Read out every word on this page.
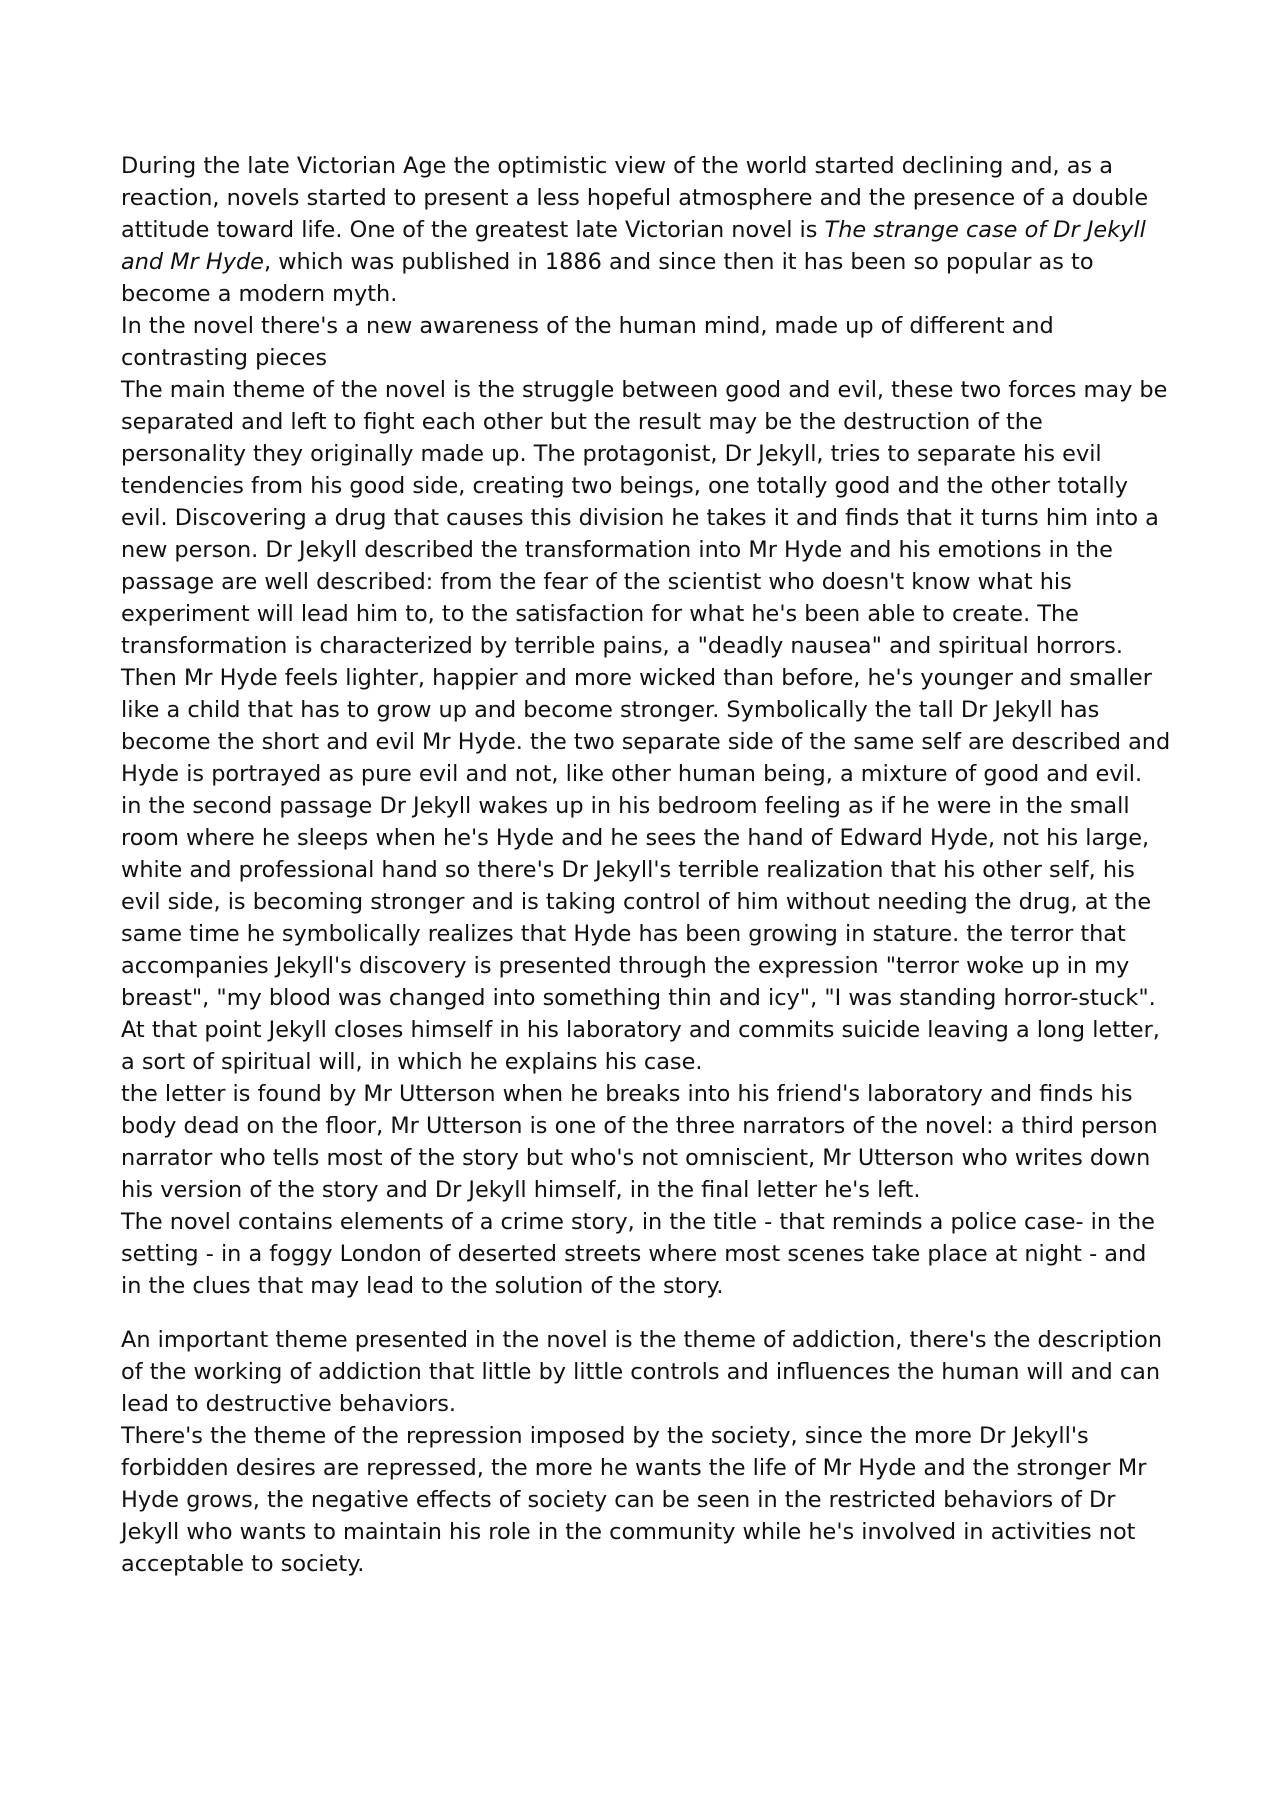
During the late Victorian Age the optimistic view of the world started declining and, as a reaction, novels started to present a less hopeful atmosphere and the presence of a double attitude toward life. One of the greatest late Victorian novel is The strange case of Dr Jekyll and Mr Hyde, which was published in 1886 and since then it has been so popular as to become a modern myth.

In the novel there's a new awareness of the human mind, made up of different and contrasting pieces

The main theme of the novel is the struggle between good and evil, these two forces may be separated and left to fight each other but the result may be the destruction of the personality they originally made up. The protagonist, Dr Jekyll, tries to separate his evil tendencies from his good side, creating two beings, one totally good and the other totally evil. Discovering a drug that causes this division he takes it and finds that it turns him into a new person. Dr Jekyll described the transformation into Mr Hyde and his emotions in the passage are well described: from the fear of the scientist who doesn't know what his experiment will lead him to, to the satisfaction for what he's been able to create. The transformation is characterized by terrible pains, a "deadly nausea" and spiritual horrors. Then Mr Hyde feels lighter, happier and more wicked than before, he's younger and smaller like a child that has to grow up and become stronger. Symbolically the tall Dr Jekyll has become the short and evil Mr Hyde. the two separate side of the same self are described and Hyde is portrayed as pure evil and not, like other human being, a mixture of good and evil.

in the second passage Dr Jekyll wakes up in his bedroom feeling as if he were in the small room where he sleeps when he's Hyde and he sees the hand of Edward Hyde, not his large, white and professional hand so there's Dr Jekyll's terrible realization that his other self, his evil side, is becoming stronger and is taking control of him without needing the drug, at the same time he symbolically realizes that Hyde has been growing in stature. the terror that accompanies Jekyll's discovery is presented through the expression "terror woke up in my breast", "my blood was changed into something thin and icy", "I was standing horror-stuck".

At that point Jekyll closes himself in his laboratory and commits suicide leaving a long letter, a sort of spiritual will, in which he explains his case.

the letter is found by Mr Utterson when he breaks into his friend's laboratory and finds his body dead on the floor, Mr Utterson is one of the three narrators of the novel: a third person narrator who tells most of the story but who's not omniscient, Mr Utterson who writes down his version of the story and Dr Jekyll himself, in the final letter he's left.

The novel contains elements of a crime story, in the title - that reminds a police case- in the setting - in a foggy London of deserted streets where most scenes take place at night - and in the clues that may lead to the solution of the story.

An important theme presented in the novel is the theme of addiction, there's the description of the working of addiction that little by little controls and influences the human will and can lead to destructive behaviors.

There's the theme of the repression imposed by the society, since the more Dr Jekyll's forbidden desires are repressed, the more he wants the life of Mr Hyde and the stronger Mr Hyde grows, the negative effects of society can be seen in the restricted behaviors of Dr Jekyll who wants to maintain his role in the community while he's involved in activities not acceptable to society.
